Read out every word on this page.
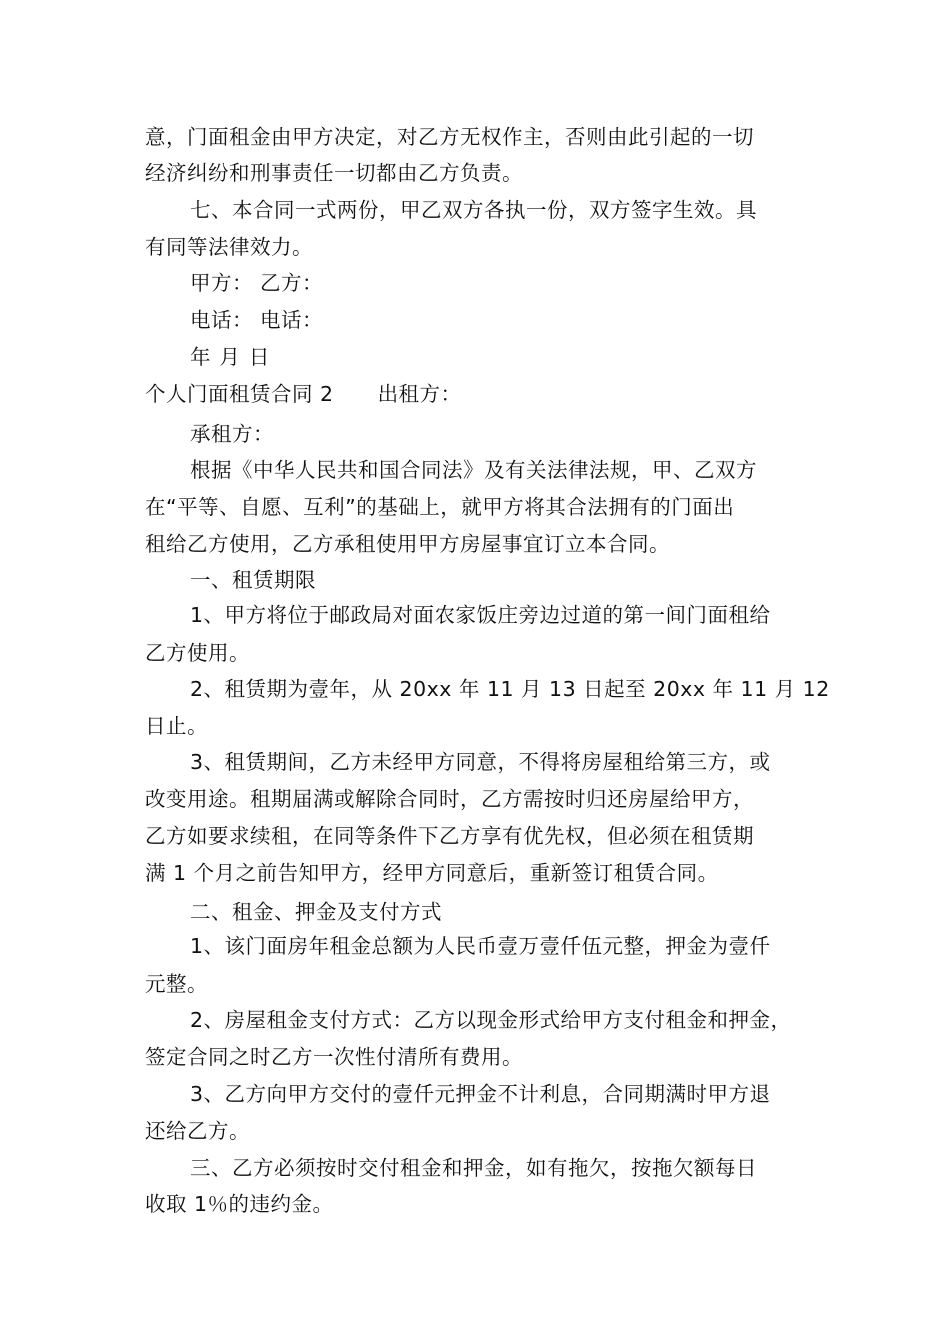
意，门面租金由甲方决定，对乙方无权作主，否则由此引起的一切
经济纠纷和刑事责任一切都由乙方负责。
七、本合同一式两份，甲乙双方各执一份，双方签字生效。具
有同等法律效力。
甲方： 乙方：
电话： 电话：
年 月 日
个人门面租赁合同 2 出租方：
承租方：
根据《中华人民共和国合同法》及有关法律法规，甲、乙双方
在“平等、自愿、互利”的基础上，就甲方将其合法拥有的门面出
租给乙方使用，乙方承租使用甲方房屋事宜订立本合同。
一、租赁期限
1、甲方将位于邮政局对面农家饭庄旁边过道的第一间门面租给
乙方使用。
2、租赁期为壹年，从 20xx 年 11 月 13 日起至 20xx 年 11 月 12
日止。
3、租赁期间，乙方未经甲方同意，不得将房屋租给第三方，或
改变用途。租期届满或解除合同时，乙方需按时归还房屋给甲方，
乙方如要求续租，在同等条件下乙方享有优先权，但必须在租赁期
满 1 个月之前告知甲方，经甲方同意后，重新签订租赁合同。
二、租金、押金及支付方式
1、该门面房年租金总额为人民币壹万壹仟伍元整，押金为壹仟
元整。
2、房屋租金支付方式：乙方以现金形式给甲方支付租金和押金，
签定合同之时乙方一次性付清所有费用。
3、乙方向甲方交付的壹仟元押金不计利息，合同期满时甲方退
还给乙方。
三、乙方必须按时交付租金和押金，如有拖欠，按拖欠额每日
收取 1％的违约金。
